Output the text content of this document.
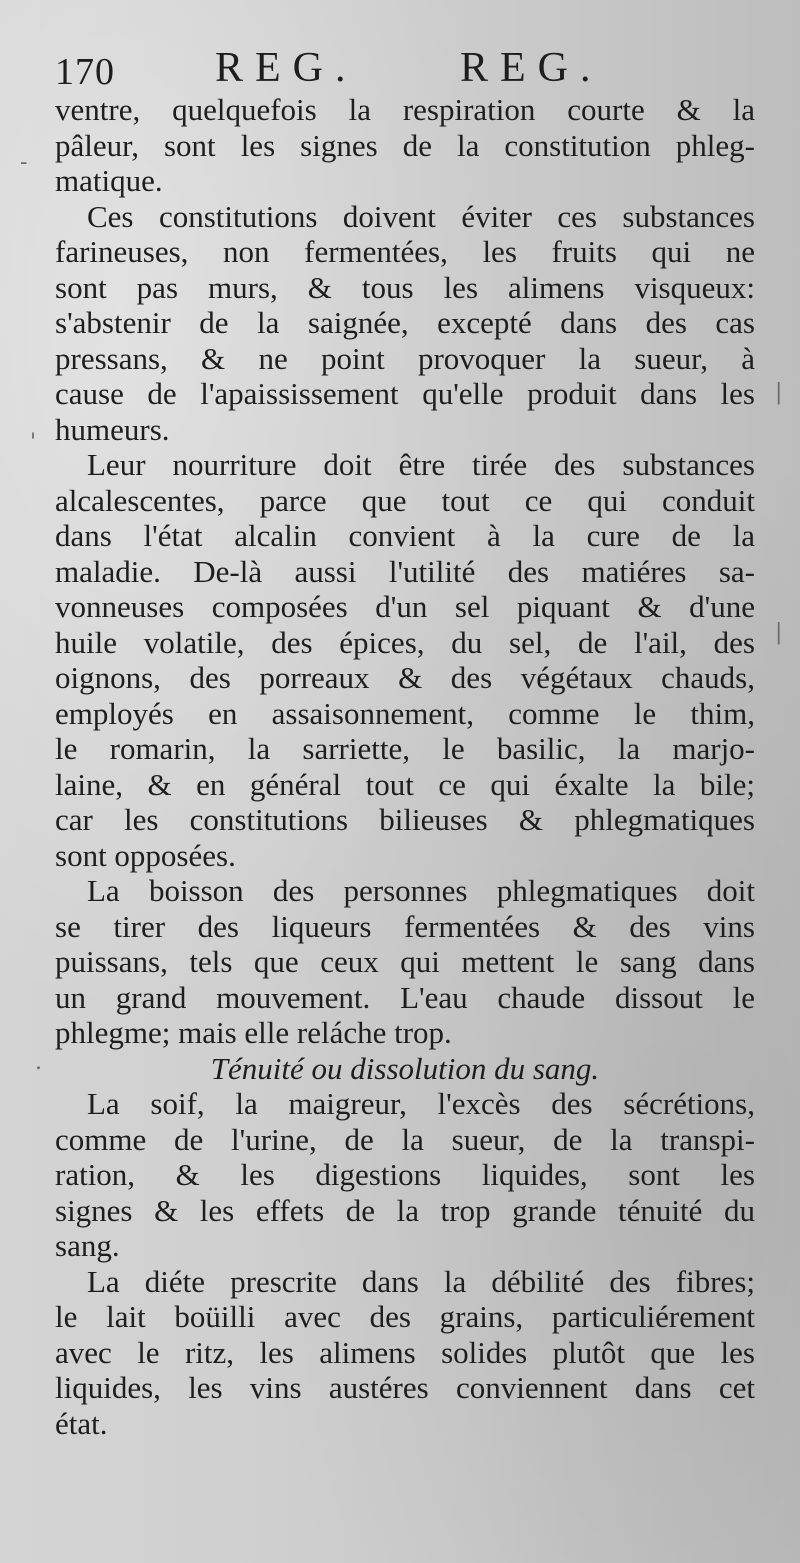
170 REG. REG.
ventre, quelquefois la respiration courte & la
pâleur, sont les signes de la constitution phleg-
matique.
Ces constitutions doivent éviter ces substances
farineuses, non fermentées, les fruits qui ne
sont pas murs, & tous les alimens visqueux:
s'abstenir de la saignée, excepté dans des cas
pressans, & ne point provoquer la sueur, à
cause de l'apaississement qu'elle produit dans les
humeurs.
Leur nourriture doit être tirée des substances
alcalescentes, parce que tout ce qui conduit
dans l'état alcalin convient à la cure de la
maladie. De-là aussi l'utilité des matiéres sa-
vonneuses composées d'un sel piquant & d'une
huile volatile, des épices, du sel, de l'ail, des
oignons, des porreaux & des végétaux chauds,
employés en assaisonnement, comme le thim,
le romarin, la sarriette, le basilic, la marjo-
laine, & en général tout ce qui éxalte la bile;
car les constitutions bilieuses & phlegmatiques
sont opposées.
La boisson des personnes phlegmatiques doit
se tirer des liqueurs fermentées & des vins
puissans, tels que ceux qui mettent le sang dans
un grand mouvement. L'eau chaude dissout le
phlegme; mais elle reláche trop.
Ténuité ou dissolution du sang.
La soif, la maigreur, l'excès des sécrétions,
comme de l'urine, de la sueur, de la transpi-
ration, & les digestions liquides, sont les
signes & les effets de la trop grande ténuité du
sang.
La diéte prescrite dans la débilité des fibres;
le lait boüilli avec des grains, particuliérement
avec le ritz, les alimens solides plutôt que les
liquides, les vins austéres conviennent dans cet
état.
-
'
.
|
|
